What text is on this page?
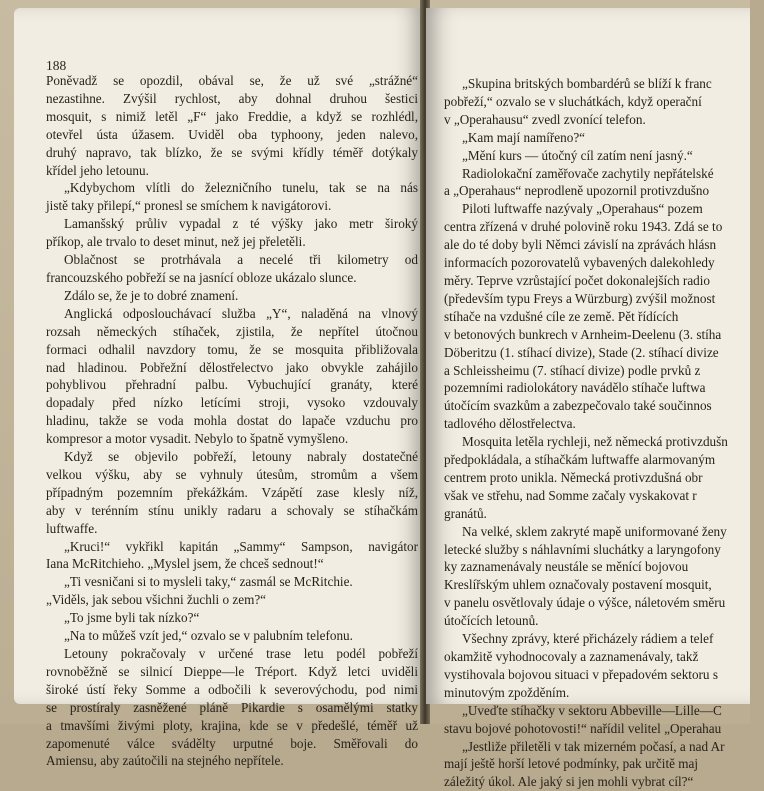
188
Poněvadž se opozdil, obával se, že už své „strážné“
nezastihne. Zvýšil rychlost, aby dohnal druhou šestici
mosquit, s nimiž letěl „F“ jako Freddie, a když se rozhlédl,
otevřel ústa úžasem. Uviděl oba typhoony, jeden nalevo,
druhý napravo, tak blízko, že se svými křídly téměř dotýkaly
křídel jeho letounu.
„Kdybychom vlítli do železničního tunelu, tak se na nás
jistě taky přilepí,“ pronesl se smíchem k navigátorovi.
Lamanšský průliv vypadal z té výšky jako metr široký
příkop, ale trvalo to deset minut, než jej přeletěli.
Oblačnost se protrhávala a necelé tři kilometry od
francouzského pobřeží se na jasnící obloze ukázalo slunce.
Zdálo se, že je to dobré znamení.
Anglická odposlouchávací služba „Y“, naladěná na vlnový
rozsah německých stíhaček, zjistila, že nepřítel útočnou
formaci odhalil navzdory tomu, že se mosquita přibližovala
nad hladinou. Pobřežní dělostřelectvo jako obvykle zahájilo
pohyblivou přehradní palbu. Vybuchující granáty, které
dopadaly před nízko letícími stroji, vysoko vzdouvaly
hladinu, takže se voda mohla dostat do lapače vzduchu pro
kompresor a motor vysadit. Nebylo to špatně vymyšleno.
Když se objevilo pobřeží, letouny nabraly dostatečné
velkou výšku, aby se vyhnuly útesům, stromům a všem
případným pozemním překážkám. Vzápětí zase klesly níž,
aby v terénním stínu unikly radaru a schovaly se stíhačkám
luftwaffe.
„Kruci!“ vykřikl kapitán „Sammy“ Sampson, navigátor
Iana McRitchieho. „Myslel jsem, že chceš sednout!“
„Ti vesničani si to mysleli taky,“ zasmál se McRitchie.
„Viděls, jak sebou všichni žuchli o zem?“
„To jsme byli tak nízko?“
„Na to můžeš vzít jed,“ ozvalo se v palubním telefonu.
Letouny pokračovaly v určené trase letu podél pobřeží
rovnoběžně se silnicí Dieppe—le Tréport. Když letci uviděli
široké ústí řeky Somme a odbočili k severovýchodu, pod nimi
se prostíraly zasněžené pláně Pikardie s osamělými statky
a tmavšími živými ploty, krajina, kde se v předešlé, téměř už
zapomenuté válce svádělty urputné boje. Směřovali do
Amiensu, aby zaútočili na stejného nepřítele.
„Skupina britských bombardérů se blíží k franc
pobřeží,“ ozvalo se v sluchátkách, když operační
v „Operahausu“ zvedl zvonící telefon.
„Kam mají namířeno?“
„Mění kurs — útočný cíl zatím není jasný.“
Radiolokační zaměřovače zachytily nepřátelské
a „Operahaus“ neprodleně upozornil protivzdušno
Piloti luftwaffe nazývaly „Operahaus“ pozem
centra zřízená v druhé polovině roku 1943. Zdá se to
ale do té doby byli Němci závislí na zprávách hlásn
informacích pozorovatelů vybavených dalekohledy
měry. Teprve vzrůstající počet dokonalejších radio
(především typu Freys a Würzburg) zvýšil možnost
stíhače na vzdušné cíle ze země. Pět řídících
v betonových bunkrech v Arnheim-Deelenu (3. stíha
Döberitzu (1. stíhací divize), Stade (2. stíhací divize
a Schleissheimu (7. stíhací divize) podle prvků z
pozemními radiolokátory navádělo stíhače luftwa
útočícím svazkům a zabezpečovalo také součinnos
tadlového dělostřelectva.
Mosquita letěla rychleji, než německá protivzdušn
předpokládala, a stíhačkám luftwaffe alarmovaným
centrem proto unikla. Německá protivzdušná obr
však ve střehu, nad Somme začaly vyskakovat r
granátů.
Na velké, sklem zakryté mapě uniformované ženy
letecké služby s náhlavními sluchátky a laryngofony
ky zaznamenávaly neustále se měnící bojovou
Kreslířským uhlem označovaly postavení mosquit,
v panelu osvětlovaly údaje o výšce, náletovém směru
útočících letounů.
Všechny zprávy, které přicházely rádiem a telef
okamžitě vyhodnocovaly a zaznamenávaly, takž
vystihovala bojovou situaci v přepadovém sektoru s
minutovým zpožděním.
„Uveďte stíhačky v sektoru Abbeville—Lille—C
stavu bojové pohotovosti!“ nařídil velitel „Operahau
„Jestliže přiletěli v tak mizerném počasí, a nad Ar
mají ještě horší letové podmínky, pak určitě maj
záležitý úkol. Ale jaký si jen mohli vybrat cíl?“
